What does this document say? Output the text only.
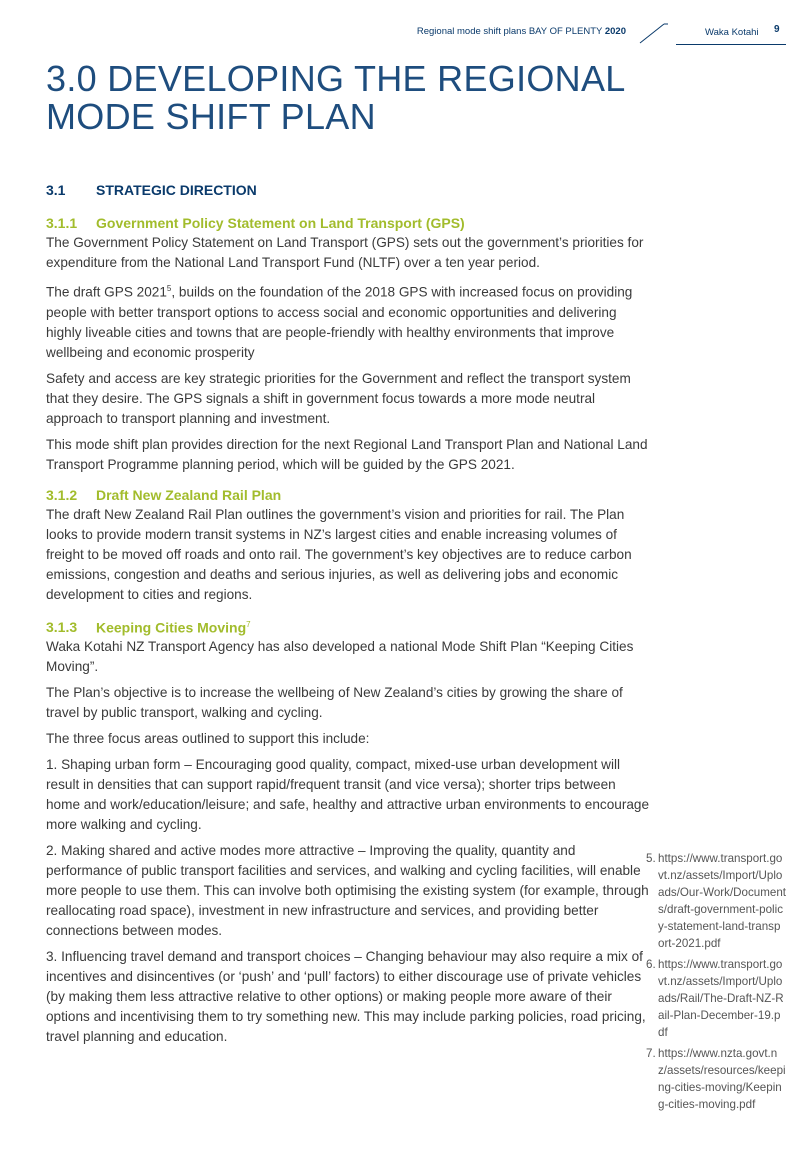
Regional mode shift plans BAY OF PLENTY 2020	Waka Kotahi 9
3.0 DEVELOPING THE REGIONAL
MODE SHIFT PLAN
3.1 STRATEGIC DIRECTION
3.1.1 Government Policy Statement on Land Transport (GPS)

The Government Policy Statement on Land Transport (GPS) sets out the government’s priorities for expenditure from the National Land Transport Fund (NLTF) over a ten year period.

The draft GPS 2021$^5$, builds on the foundation of the 2018 GPS with increased focus on providing people with better transport options to access social and economic opportunities and delivering highly liveable cities and towns that are people-friendly with healthy environments that improve wellbeing and economic prosperity

Safety and access are key strategic priorities for the Government and reflect the transport system that they desire. The GPS signals a shift in government focus towards a more mode neutral approach to transport planning and investment.

This mode shift plan provides direction for the next Regional Land Transport Plan and National Land Transport Programme planning period, which will be guided by the GPS 2021.

3.1.2 Draft New Zealand Rail Plan

The draft New Zealand Rail Plan outlines the government’s vision and priorities for rail. The Plan looks to provide modern transit systems in NZ’s largest cities and enable increasing volumes of freight to be moved off roads and onto rail. The government’s key objectives are to reduce carbon emissions, congestion and deaths and serious injuries, as well as delivering jobs and economic development to cities and regions.

3.1.3 Keeping Cities Moving$^7$

Waka Kotahi NZ Transport Agency has also developed a national Mode Shift Plan “Keeping Cities Moving”.

The Plan’s objective is to increase the wellbeing of New Zealand’s cities by growing the share of travel by public transport, walking and cycling.

The three focus areas outlined to support this include:

1. Shaping urban form – Encouraging good quality, compact, mixed-use urban development will result in densities that can support rapid/frequent transit (and vice versa); shorter trips between home and work/education/leisure; and safe, healthy and attractive urban environments to encourage more walking and cycling.

2. Making shared and active modes more attractive – Improving the quality, quantity and performance of public transport facilities and services, and walking and cycling facilities, will enable more people to use them. This can involve both optimising the existing system (for example, through reallocating road space), investment in new infrastructure and services, and providing better connections between modes.

3. Influencing travel demand and transport choices – Changing behaviour may also require a mix of incentives and disincentives (or ‘push’ and ‘pull’ factors) to either discourage use of private vehicles (by making them less attractive relative to other options) or making people more aware of their options and incentivising them to try something new. This may include parking policies, road pricing, travel planning and education.

5. https://www.transport.govt.nz/assets/Import/Uploads/Our-Work/Documents/draft-government-policy-statement-land-transport-2021.pdf
6. https://www.transport.govt.nz/assets/Import/Uploads/Rail/The-Draft-NZ-Rail-Plan-December-19.pdf
7. https://www.nzta.govt.nz/assets/resources/keeping-cities-moving/Keeping-cities-moving.pdf
